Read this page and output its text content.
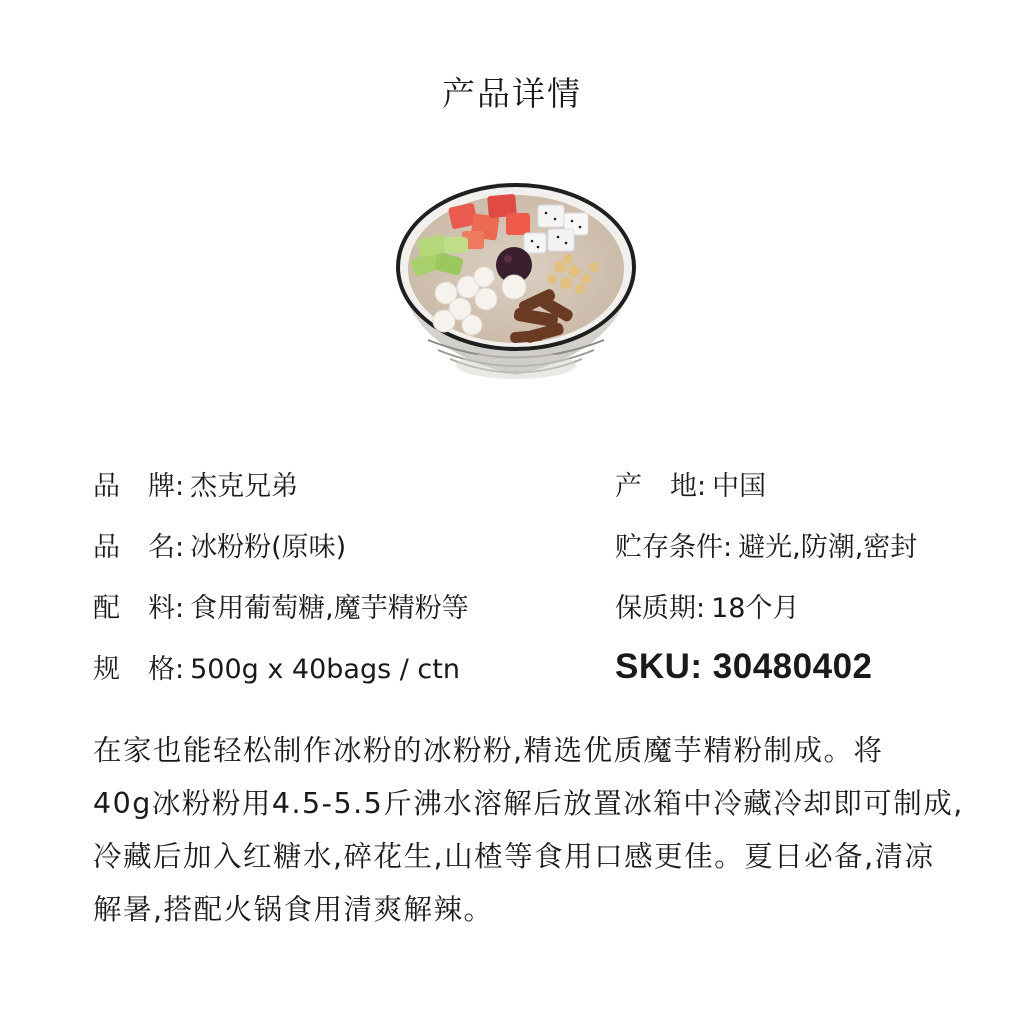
产品详情
品 牌 : 杰克兄弟
品 名 : 冰粉粉(原味)
配 料 : 食用葡萄糖,魔芋精粉等
规 格 : 500g x 40bags / ctn
产 地 : 中国
贮存条件: 避光,防潮,密封
保质期: 18个月
SKU: 30480402
在家也能轻松制作冰粉的冰粉粉,精选优质魔芋精粉制成。将
40g冰粉粉用4.5-5.5斤沸水溶解后放置冰箱中冷藏冷却即可制成,
冷藏后加入红糖水,碎花生,山楂等食用口感更佳。夏日必备,清凉
解暑,搭配火锅食用清爽解辣。
